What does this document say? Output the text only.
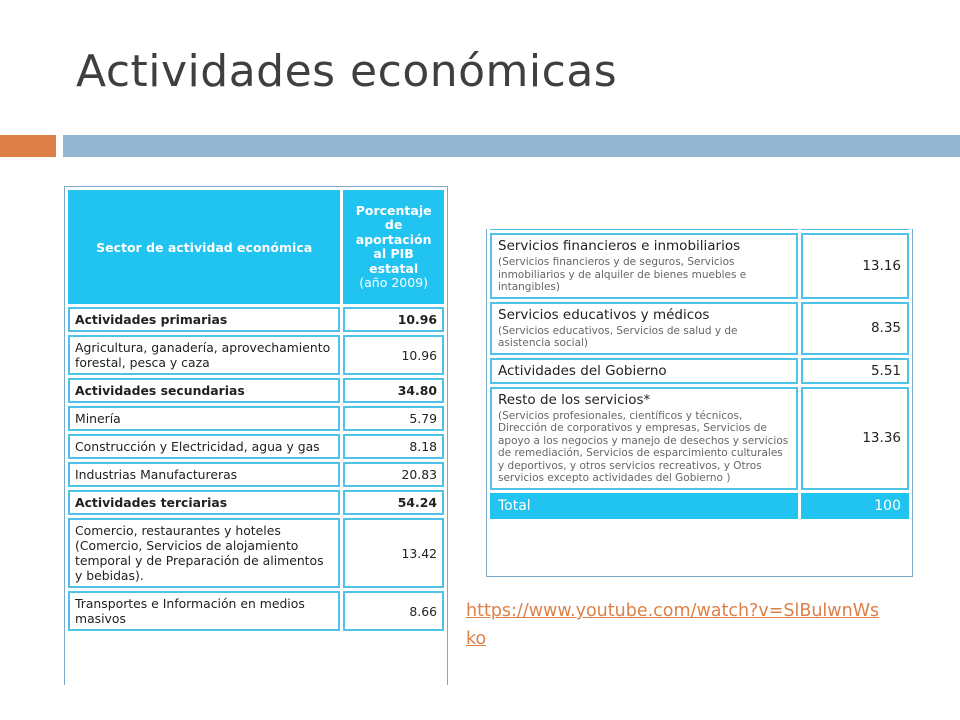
Actividades económicas
Sector de actividad económica	Porcentaje de aportación al PIB estatal
(año 2009)
Actividades primarias	10.96
Agricultura, ganadería, aprovechamiento forestal, pesca y caza	10.96
Actividades secundarias	34.80
Minería	5.79
Construcción y Electricidad, agua y gas	8.18
Industrias Manufactureras	20.83
Actividades terciarias	54.24
Comercio, restaurantes y hoteles (Comercio, Servicios de alojamiento temporal y de Preparación de alimentos y bebidas).	13.42
Transportes e Información en medios masivos	8.66

Servicios financieros e inmobiliarios
(Servicios financieros y de seguros, Servicios inmobiliarios y de alquiler de bienes muebles e intangibles)	13.16
Servicios educativos y médicos
(Servicios educativos, Servicios de salud y de asistencia social)	8.35
Actividades del Gobierno	5.51
Resto de los servicios*
(Servicios profesionales, científicos y técnicos, Dirección de corporativos y empresas, Servicios de apoyo a los negocios y manejo de desechos y servicios de remediación, Servicios de esparcimiento culturales y deportivos, y otros servicios recreativos, y Otros servicios excepto actividades del Gobierno )	13.36
Total	100
https://www.youtube.com/watch?v=SlBulwnWs
ko
